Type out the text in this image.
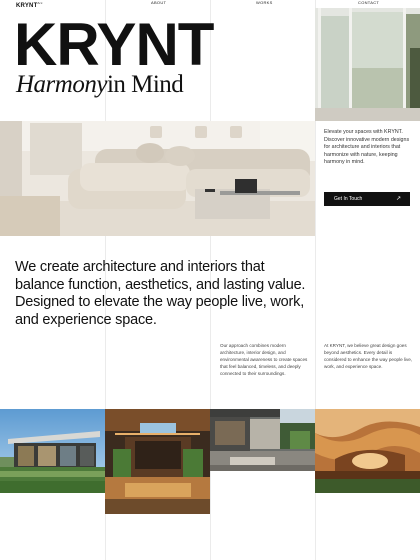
$KRYNT^{Arc}$	ABOUT	WORKS	CONTACT
KRYNT
Harmonyin Mind
Elevate your spaces with KRYNT. Discover innovative modern designs for architecture and interiors that harmonize with nature, keeping harmony in mind.
Get In Touch	↗
We create architecture and interiors that balance function, aesthetics, and lasting value. Designed to elevate the way people live, work, and experience space.
Our approach combines modern architecture, interior design, and environmental awareness to create spaces that feel balanced, timeless, and deeply connected to their surroundings.
At KRYNT, we believe great design goes beyond aesthetics. Every detail is considered to enhance the way people live, work, and experience space.
